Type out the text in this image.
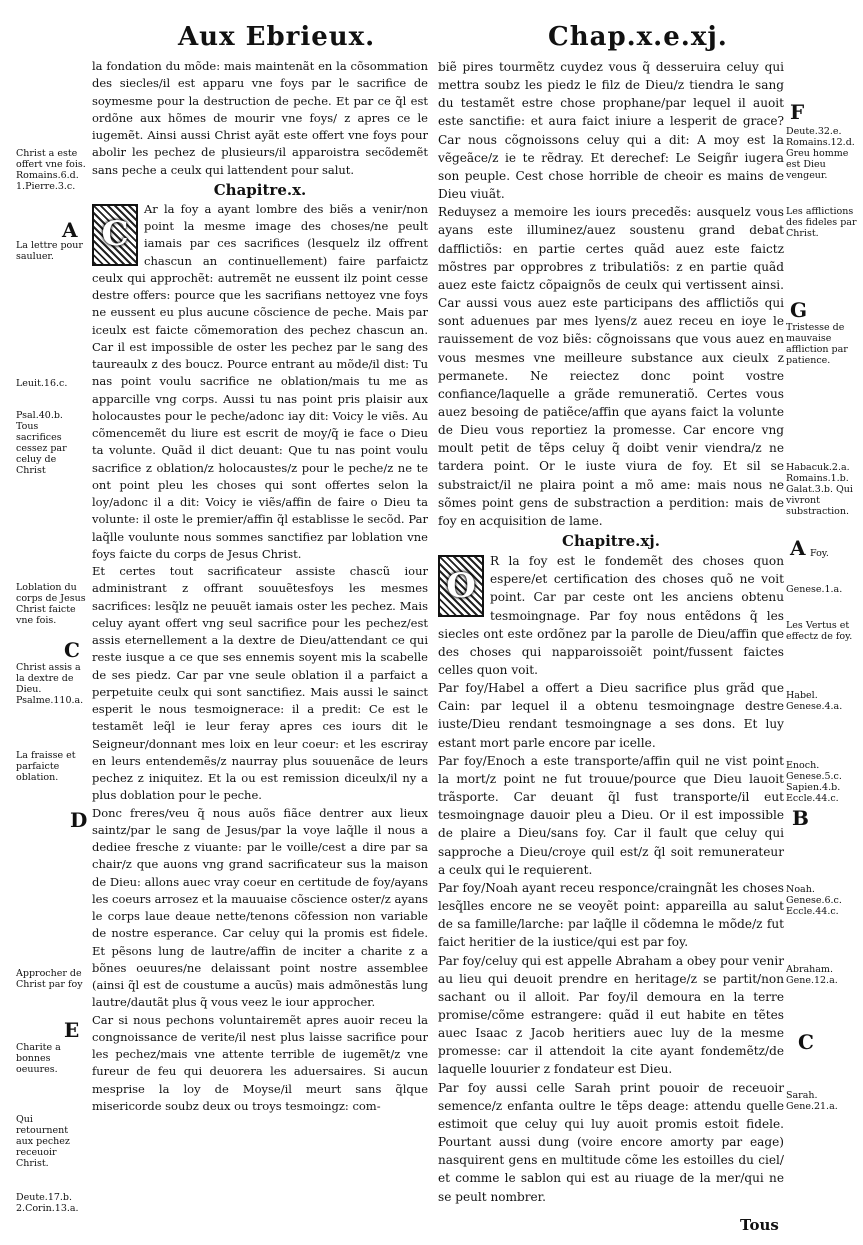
Aux Ebrieux.	Chap.x.e.xj.

la fondation du mõde: mais maintenãt en la cõsommation des siecles/il est apparu vne foys par le sacrifice de soymesme pour la destruction de peche. Et par ce q̃l est ordõne aux hõmes de mourir vne foys/ z apres ce le iugemẽt. Ainsi aussi Christ ayãt este offert vne foys pour abolir les pechez de plusieurs/il apparoistra secõdemẽt sans peche a ceulx qui lattendent pour salut.

Chapitre.x.

C
Ar la foy a ayant lombre des biẽs a venir/non point la mesme image des choses/ne peult iamais par ces sacrifices (lesquelz ilz offrent chascun an continuellement) faire parfaictz ceulx qui approchẽt: autremẽt ne eussent ilz point cesse destre offers: pource que les sacrifians nettoyez vne foys ne eussent eu plus aucune cõscience de peche. Mais par iceulx est faicte cõmemoration des pechez chascun an. Car il est impossible de oster les pechez par le sang des taureaulx z des boucz. Pource entrant au mõde/il dist: Tu nas point voulu sacrifice ne oblation/mais tu me as apparcille vng corps. Aussi tu nas point pris plaisir aux holocaustes pour le peche/adonc iay dit: Voicy le viẽs. Au cõmencemẽt du liure est escrit de moy/q̃ ie face o Dieu ta volunte. Quãd il dict deuant: Que tu nas point voulu sacrifice z oblation/z holocaustes/z pour le peche/z ne te ont point pleu les choses qui sont offertes selon la loy/adonc il a dit: Voicy ie viẽs/affin de faire o Dieu ta volunte: il oste le premier/affin q̃l establisse le secõd. Par laq̃lle voulunte nous sommes sanctifiez par loblation vne foys faicte du corps de Jesus Christ.

Et certes tout sacrificateur assiste chascũ iour administrant z offrant souuẽtesfoys les mesmes sacrifices: lesq̃lz ne peuuẽt iamais oster les pechez. Mais celuy ayant offert vng seul sacrifice pour les pechez/est assis eternellement a la dextre de Dieu/attendant ce qui reste iusque a ce que ses ennemis soyent mis la scabelle de ses piedz. Car par vne seule oblation il a parfaict a perpetuite ceulx qui sont sanctifiez. Mais aussi le sainct esperit le nous tesmoignerace: il a predit: Ce est le testamẽt leq̃l ie leur feray apres ces iours dit le Seigneur/donnant mes loix en leur coeur: et les escriray en leurs entendemẽs/z naurray plus souuenãce de leurs pechez z iniquitez. Et la ou est remission diceulx/il ny a plus doblation pour le peche.

Donc freres/veu q̃ nous auõs fiãce dentrer aux lieux saintz/par le sang de Jesus/par la voye laq̃lle il nous a dediee fresche z viuante: par le voille/cest a dire par sa chair/z que auons vng grand sacrificateur sus la maison de Dieu: allons auec vray coeur en certitude de foy/ayans les coeurs arrosez et la mauuaise cõscience oster/z ayans le corps laue deaue nette/tenons cõfession non variable de nostre esperance. Car celuy qui la promis est fidele. Et pẽsons lung de lautre/affin de inciter a charite z a bõnes oeuures/ne delaissant point nostre assemblee (ainsi q̃l est de coustume a aucũs) mais admõnestãs lung lautre/dautãt plus q̃ vous veez le iour approcher.

Car si nous pechons voluntairemẽt apres auoir receu la congnoissance de verite/il nest plus laisse sacrifice pour les pechez/mais vne attente terrible de iugemẽt/z vne fureur de feu qui deuorera les aduersaires. Si aucun mesprise la loy de Moyse/il meurt sans q̃lque misericorde soubz deux ou troys tesmoingz: com-

biẽ pires tourmẽtz cuydez vous q̃ desseruira celuy qui mettra soubz les piedz le filz de Dieu/z tiendra le sang du testamẽt estre chose prophane/par lequel il auoit este sanctifie: et aura faict iniure a lesperit de grace? Car nous cõgnoissons celuy qui a dit: A moy est la vẽgeãce/z ie te rẽdray. Et derechef: Le Seigñr iugera son peuple. Cest chose horrible de cheoir es mains de Dieu viuãt.

Reduysez a memoire les iours precedẽs: ausquelz vous ayans este illuminez/auez soustenu grand debat dafflictiõs: en partie certes quãd auez este faictz mõstres par opprobres z tribulatiõs: z en partie quãd auez este faictz cõpaignõs de ceulx qui vertissent ainsi. Car aussi vous auez este participans des afflictiõs qui sont aduenues par mes lyens/z auez receu en ioye le rauissement de voz biẽs: cõgnoissans que vous auez en vous mesmes vne meilleure substance aux cieulx z permanete. Ne reiectez donc point vostre confiance/laquelle a grãde remuneratiõ. Certes vous auez besoing de patiẽce/affin que ayans faict la volunte de Dieu vous reportiez la promesse. Car encore vng moult petit de tẽps celuy q̃ doibt venir viendra/z ne tardera point. Or le iuste viura de foy. Et sil se substraict/il ne plaira point a mõ ame: mais nous ne sõmes point gens de substraction a perdition: mais de foy en acquisition de lame.

Chapitre.xj.

O
R la foy est le fondemẽt des choses quon espere/et certification des choses quõ ne voit point. Car par ceste ont les anciens obtenu tesmoingnage. Par foy nous entẽdons q̃ les siecles ont este ordõnez par la parolle de Dieu/affin que des choses qui napparoissoiẽt point/fussent faictes celles quon voit.

Par foy/Habel a offert a Dieu sacrifice plus grãd que Cain: par lequel il a obtenu tesmoingnage destre iuste/Dieu rendant tesmoingnage a ses dons. Et luy estant mort parle encore par icelle.

Par foy/Enoch a este transporte/affin quil ne vist point la mort/z point ne fut trouue/pource que Dieu lauoit trãsporte. Car deuant q̃l fust transporte/il eut tesmoingnage dauoir pleu a Dieu. Or il est impossible de plaire a Dieu/sans foy. Car il fault que celuy qui sapproche a Dieu/croye quil est/z q̃l soit remunerateur a ceulx qui le requierent.

Par foy/Noah ayant receu responce/craingnãt les choses lesq̃lles encore ne se veoyẽt point: appareilla au salut de sa famille/larche: par laq̃lle il cõdemna le mõde/z fut faict heritier de la iustice/qui est par foy.

Par foy/celuy qui est appelle Abraham a obey pour venir au lieu qui deuoit prendre en heritage/z se partit/non sachant ou il alloit. Par foy/il demoura en la terre promise/cõme estrangere: quãd il eut habite en tẽtes auec Isaac z Jacob heritiers auec luy de la mesme promesse: car il attendoit la cite ayant fondemẽtz/de laquelle louurier z fondateur est Dieu.

Par foy aussi celle Sarah print pouoir de receuoir semence/z enfanta oultre le tẽps deage: attendu quelle estimoit que celuy qui luy auoit promis estoit fidele. Pourtant aussi dung (voire encore amorty par eage) nasquirent gens en multitude cõme les estoilles du ciel/ et comme le sablon qui est au riuage de la mer/qui ne se peult nombrer.

Christ a este offert vne fois. Romains.6.d. 1.Pierre.3.c.
A
La lettre pour sauluer.
Leuit.16.c.
Psal.40.b. Tous sacrifices cessez par celuy de Christ
Loblation du corps de Jesus Christ faicte vne fois.
C
Christ assis a la dextre de Dieu. Psalme.110.a.
La fraisse et parfaicte oblation.
D
Approcher de Christ par foy
E
Charite a bonnes oeuures.
Qui retournent aux pechez receuoir Christ.
Deute.17.b. 2.Corin.13.a.
F
Deute.32.e. Romains.12.d. Greu homme est Dieu vengeur.
Les afflictions des fideles par Christ.
G
Tristesse de mauvaise affliction par patience.
Habacuk.2.a. Romains.1.b. Galat.3.b. Qui vivront substraction.
A Foy.
Genese.1.a.
Les Vertus et effectz de foy.
Habel. Genese.4.a.
Enoch. Genese.5.c. Sapien.4.b. Eccle.44.c.
B
Noah. Genese.6.c. Eccle.44.c.
Abraham. Gene.12.a.
C
Sarah. Gene.21.a.
Tous
